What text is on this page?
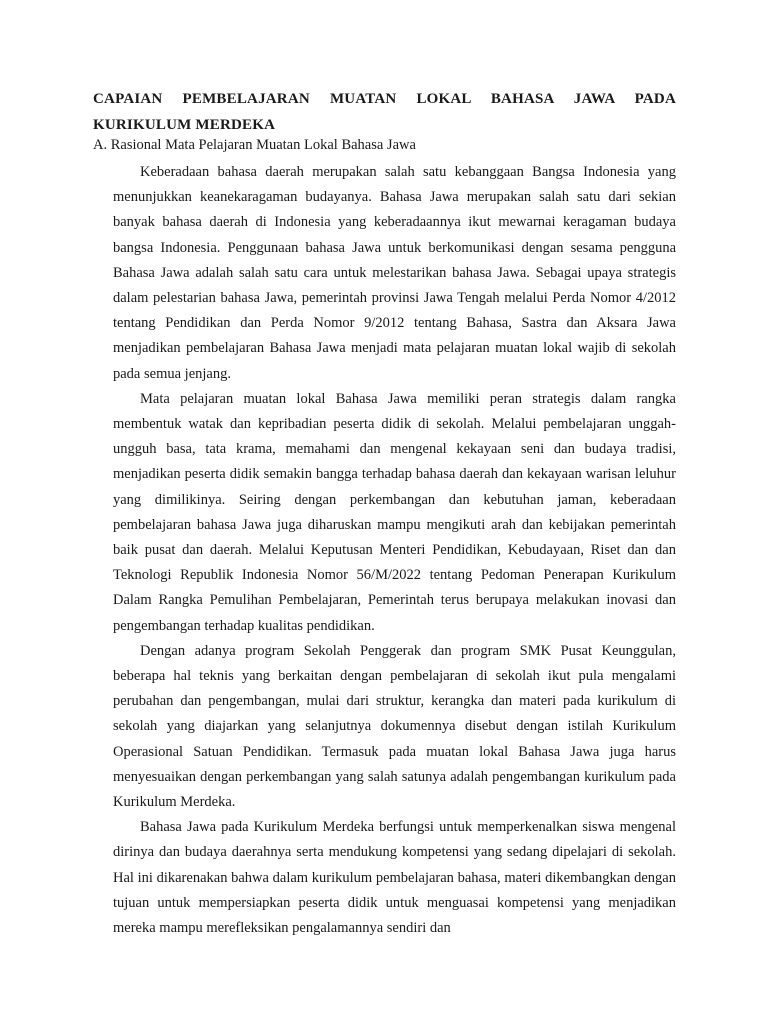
CAPAIAN PEMBELAJARAN MUATAN LOKAL BAHASA JAWA PADA KURIKULUM MERDEKA

A. Rasional Mata Pelajaran Muatan Lokal Bahasa Jawa

Keberadaan bahasa daerah merupakan salah satu kebanggaan Bangsa Indonesia yang menunjukkan keanekaragaman budayanya. Bahasa Jawa merupakan salah satu dari sekian banyak bahasa daerah di Indonesia yang keberadaannya ikut mewarnai keragaman budaya bangsa Indonesia. Penggunaan bahasa Jawa untuk berkomunikasi dengan sesama pengguna Bahasa Jawa adalah salah satu cara untuk melestarikan bahasa Jawa. Sebagai upaya strategis dalam pelestarian bahasa Jawa, pemerintah provinsi Jawa Tengah melalui Perda Nomor 4/2012 tentang Pendidikan dan Perda Nomor 9/2012 tentang Bahasa, Sastra dan Aksara Jawa menjadikan pembelajaran Bahasa Jawa menjadi mata pelajaran muatan lokal wajib di sekolah pada semua jenjang.

Mata pelajaran muatan lokal Bahasa Jawa memiliki peran strategis dalam rangka membentuk watak dan kepribadian peserta didik di sekolah. Melalui pembelajaran unggah-ungguh basa, tata krama, memahami dan mengenal kekayaan seni dan budaya tradisi, menjadikan peserta didik semakin bangga terhadap bahasa daerah dan kekayaan warisan leluhur yang dimilikinya. Seiring dengan perkembangan dan kebutuhan jaman, keberadaan pembelajaran bahasa Jawa juga diharuskan mampu mengikuti arah dan kebijakan pemerintah baik pusat dan daerah. Melalui Keputusan Menteri Pendidikan, Kebudayaan, Riset dan dan Teknologi Republik Indonesia Nomor 56/M/2022 tentang Pedoman Penerapan Kurikulum Dalam Rangka Pemulihan Pembelajaran, Pemerintah terus berupaya melakukan inovasi dan pengembangan terhadap kualitas pendidikan.

Dengan adanya program Sekolah Penggerak dan program SMK Pusat Keunggulan, beberapa hal teknis yang berkaitan dengan pembelajaran di sekolah ikut pula mengalami perubahan dan pengembangan, mulai dari struktur, kerangka dan materi pada kurikulum di sekolah yang diajarkan yang selanjutnya dokumennya disebut dengan istilah Kurikulum Operasional Satuan Pendidikan. Termasuk pada muatan lokal Bahasa Jawa juga harus menyesuaikan dengan perkembangan yang salah satunya adalah pengembangan kurikulum pada Kurikulum Merdeka.

Bahasa Jawa pada Kurikulum Merdeka berfungsi untuk memperkenalkan siswa mengenal dirinya dan budaya daerahnya serta mendukung kompetensi yang sedang dipelajari di sekolah. Hal ini dikarenakan bahwa dalam kurikulum pembelajaran bahasa, materi dikembangkan dengan tujuan untuk mempersiapkan peserta didik untuk menguasai kompetensi yang menjadikan mereka mampu merefleksikan pengalamannya sendiri dan
